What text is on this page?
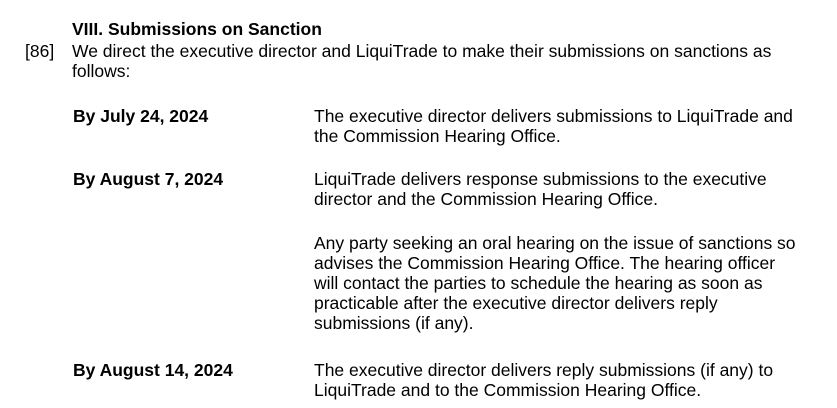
VIII. Submissions on Sanction
[86] We direct the executive director and LiquiTrade to make their submissions on sanctions as follows:

By July 24, 2024	The executive director delivers submissions to LiquiTrade and the Commission Hearing Office.

By August 7, 2024	LiquiTrade delivers response submissions to the executive director and the Commission Hearing Office.

Any party seeking an oral hearing on the issue of sanctions so advises the Commission Hearing Office. The hearing officer will contact the parties to schedule the hearing as soon as practicable after the executive director delivers reply submissions (if any).

By August 14, 2024	The executive director delivers reply submissions (if any) to LiquiTrade and to the Commission Hearing Office.
